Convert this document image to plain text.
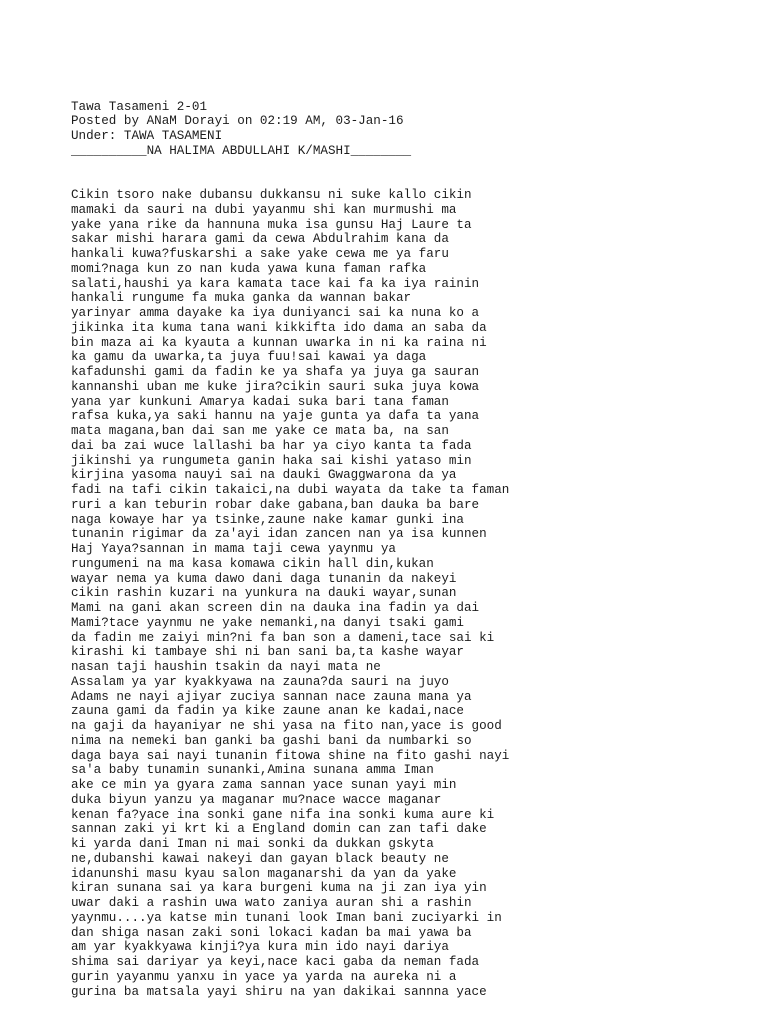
Tawa Tasameni 2-01
Posted by ANaM Dorayi on 02:19 AM, 03-Jan-16
Under: TAWA TASAMENI
__________NA HALIMA ABDULLAHI K/MASHI________

Cikin tsoro nake dubansu dukkansu ni suke kallo cikin
mamaki da sauri na dubi yayanmu shi kan murmushi ma
yake yana rike da hannuna muka isa gunsu Haj Laure ta
sakar mishi harara gami da cewa Abdulrahim kana da
hankali kuwa?fuskarshi a sake yake cewa me ya faru
momi?naga kun zo nan kuda yawa kuna faman rafka
salati,haushi ya kara kamata tace kai fa ka iya rainin
hankali rungume fa muka ganka da wannan bakar
yarinyar amma dayake ka iya duniyanci sai ka nuna ko a
jikinka ita kuma tana wani kikkifta ido dama an saba da
bin maza ai ka kyauta a kunnan uwarka in ni ka raina ni
ka gamu da uwarka,ta juya fuu!sai kawai ya daga
kafadunshi gami da fadin ke ya shafa ya juya ga sauran
kannanshi uban me kuke jira?cikin sauri suka juya kowa
yana yar kunkuni Amarya kadai suka bari tana faman
rafsa kuka,ya saki hannu na yaje gunta ya dafa ta yana
mata magana,ban dai san me yake ce mata ba, na san
dai ba zai wuce lallashi ba har ya ciyo kanta ta fada
jikinshi ya rungumeta ganin haka sai kishi yataso min
kirjina yasoma nauyi sai na dauki Gwaggwarona da ya
fadi na tafi cikin takaici,na dubi wayata da take ta faman
ruri a kan teburin robar dake gabana,ban dauka ba bare
naga kowaye har ya tsinke,zaune nake kamar gunki ina
tunanin rigimar da za'ayi idan zancen nan ya isa kunnen
Haj Yaya?sannan in mama taji cewa yaynmu ya
rungumeni na ma kasa komawa cikin hall din,kukan
wayar nema ya kuma dawo dani daga tunanin da nakeyi
cikin rashin kuzari na yunkura na dauki wayar,sunan
Mami na gani akan screen din na dauka ina fadin ya dai
Mami?tace yaynmu ne yake nemanki,na danyi tsaki gami
da fadin me zaiyi min?ni fa ban son a dameni,tace sai ki
kirashi ki tambaye shi ni ban sani ba,ta kashe wayar
nasan taji haushin tsakin da nayi mata ne
Assalam ya yar kyakkyawa na zauna?da sauri na juyo
Adams ne nayi ajiyar zuciya sannan nace zauna mana ya
zauna gami da fadin ya kike zaune anan ke kadai,nace
na gaji da hayaniyar ne shi yasa na fito nan,yace is good
nima na nemeki ban ganki ba gashi bani da numbarki so
daga baya sai nayi tunanin fitowa shine na fito gashi nayi
sa'a baby tunamin sunanki,Amina sunana amma Iman
ake ce min ya gyara zama sannan yace sunan yayi min
duka biyun yanzu ya maganar mu?nace wacce maganar
kenan fa?yace ina sonki gane nifa ina sonki kuma aure ki
sannan zaki yi krt ki a England domin can zan tafi dake
ki yarda dani Iman ni mai sonki da dukkan gskyta
ne,dubanshi kawai nakeyi dan gayan black beauty ne
idanunshi masu kyau salon maganarshi da yan da yake
kiran sunana sai ya kara burgeni kuma na ji zan iya yin
uwar daki a rashin uwa wato zaniya auran shi a rashin
yaynmu....ya katse min tunani look Iman bani zuciyarki in
dan shiga nasan zaki soni lokaci kadan ba mai yawa ba
am yar kyakkyawa kinji?ya kura min ido nayi dariya
shima sai dariyar ya keyi,nace kaci gaba da neman fada
gurin yayanmu yanxu in yace ya yarda na aureka ni a
gurina ba matsala yayi shiru na yan dakikai sannna yace
